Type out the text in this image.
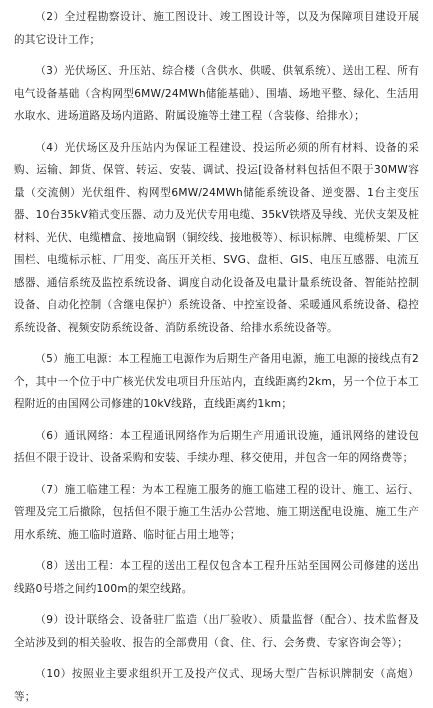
（2）全过程勘察设计、施工图设计、竣工图设计等，以及为保障项目建设开展的其它设计工作；

（3）光伏场区、升压站、综合楼（含供水、供暖、供氧系统）、送出工程、所有电气设备基础（含构网型6MW/24MWh储能基础）、围墙、场地平整、绿化、生活用水取水、进场道路及场内道路、附属设施等土建工程（含装修、给排水）；

（4）光伏场区及升压站内为保证工程建设、投运所必须的所有材料、设备的采购、运输、卸货、保管、转运、安装、调试、投运[设备材料包括但不限于30MW容量（交流侧）光伏组件、构网型6MW/24MWh储能系统设备、逆变器、1台主变压器、10台35kV箱式变压器、动力及光伏专用电缆、35kV铁塔及导线、光伏支架及桩材料、光伏、电缆槽盒、接地扁钢（铜绞线、接地极等）、标识标牌、电缆桥架、厂区围栏、电缆标示桩、厂用变、高压开关柜、SVG、盘柜、GIS、电压互感器、电流互感器、通信系统及监控系统设备、调度自动化设备及电量计量系统设备、智能站控制设备、自动化控制（含继电保护）系统设备、中控室设备、采暖通风系统设备、稳控系统设备、视频安防系统设备、消防系统设备、给排水系统设备等。

（5）施工电源：本工程施工电源作为后期生产备用电源，施工电源的接线点有2个，其中一个位于中广核光伏发电项目升压站内，直线距离约2km，另一个位于本工程附近的由国网公司修建的10kV线路，直线距离约1km；

（6）通讯网络：本工程通讯网络作为后期生产用通讯设施，通讯网络的建设包括但不限于设计、设备采购和安装、手续办理、移交使用，并包含一年的网络费等；

（7）施工临建工程：为本工程施工服务的施工临建工程的设计、施工、运行、管理及完工后撤除，包括但不限于施工生活办公营地、施工期送配电设施、施工生产用水系统、施工临时道路、临时征占用土地等；

（8）送出工程：本工程的送出工程仅包含本工程升压站至国网公司修建的送出线路0号塔之间约100m的架空线路。

（9）设计联络会、设备驻厂监造（出厂验收）、质量监督（配合）、技术监督及全站涉及到的相关验收、报告的全部费用（食、住、行、会务费、专家咨询会等）；

（10）按照业主要求组织开工及投产仪式、现场大型广告标识牌制安（高炮）等；
